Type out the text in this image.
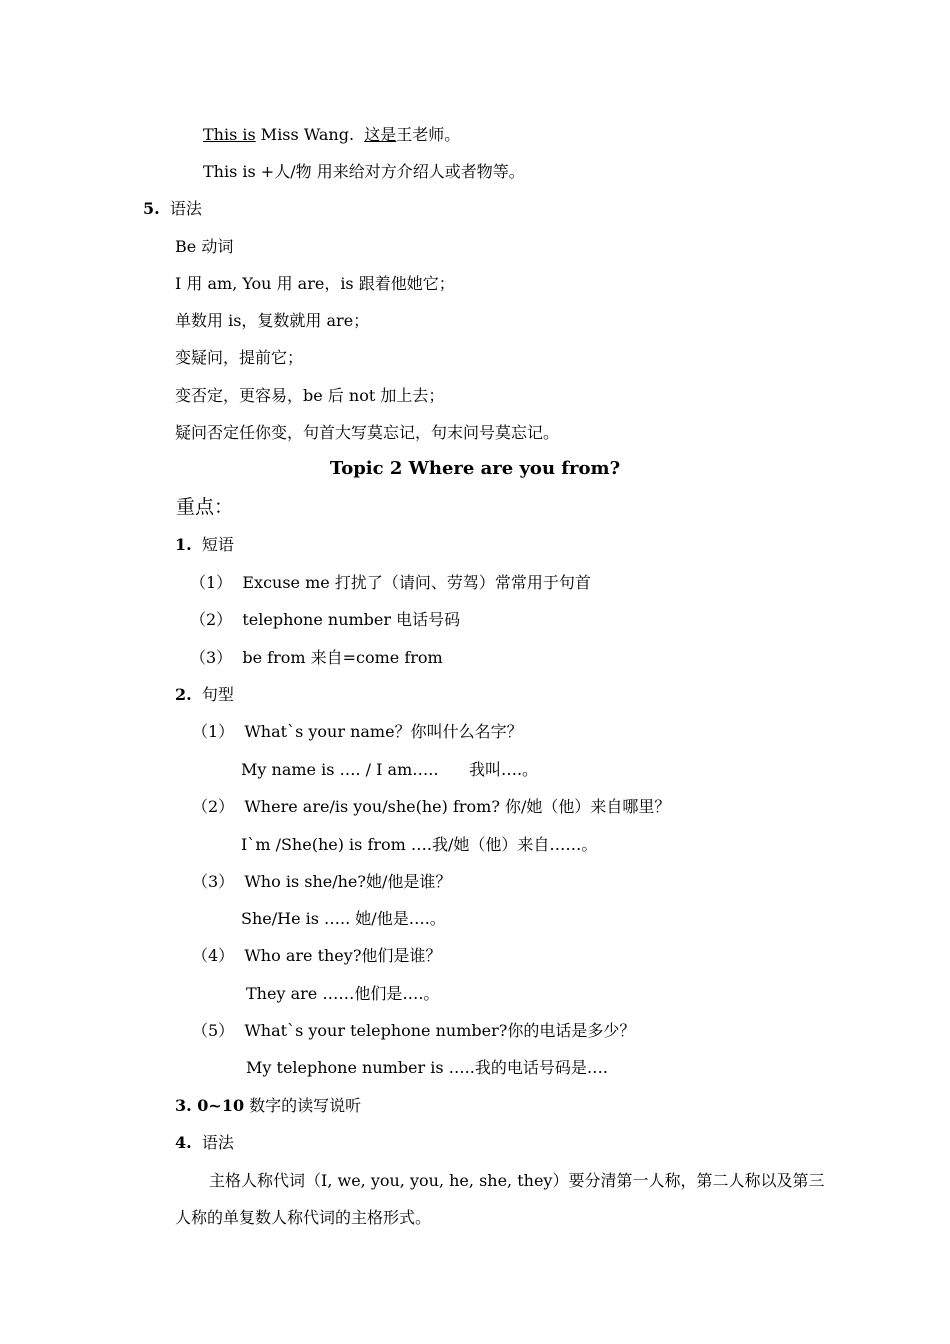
This is Miss Wang.  这是王老师。
This is +人/物 用来给对方介绍人或者物等。
5. 语法
Be 动词
I 用 am, You 用 are，is 跟着他她它；
单数用 is，复数就用 are；
变疑问，提前它；
变否定，更容易，be 后 not 加上去；
疑问否定任你变，句首大写莫忘记，句末问号莫忘记。
Topic 2 Where are you from?
重点：
1. 短语
（1） Excuse me 打扰了（请问、劳驾）常常用于句首
（2） telephone number 电话号码
（3） be from 来自=come from
2. 句型
（1） What`s your name？你叫什么名字？
My name is …. / I am…..      我叫….。
（2） Where are/is you/she(he) from? 你/她（他）来自哪里？
I`m /She(he) is from ….我/她（他）来自……。
（3） Who is she/he?她/他是谁？
She/He is ….. 她/他是….。
（4） Who are they?他们是谁？
They are ……他们是….。
（5） What`s your telephone number?你的电话是多少？
My telephone number is …..我的电话号码是….
3. 0~10 数字的读写说听
4. 语法
主格人称代词（I, we, you, you, he, she, they）要分清第一人称，第二人称以及第三
人称的单复数人称代词的主格形式。
